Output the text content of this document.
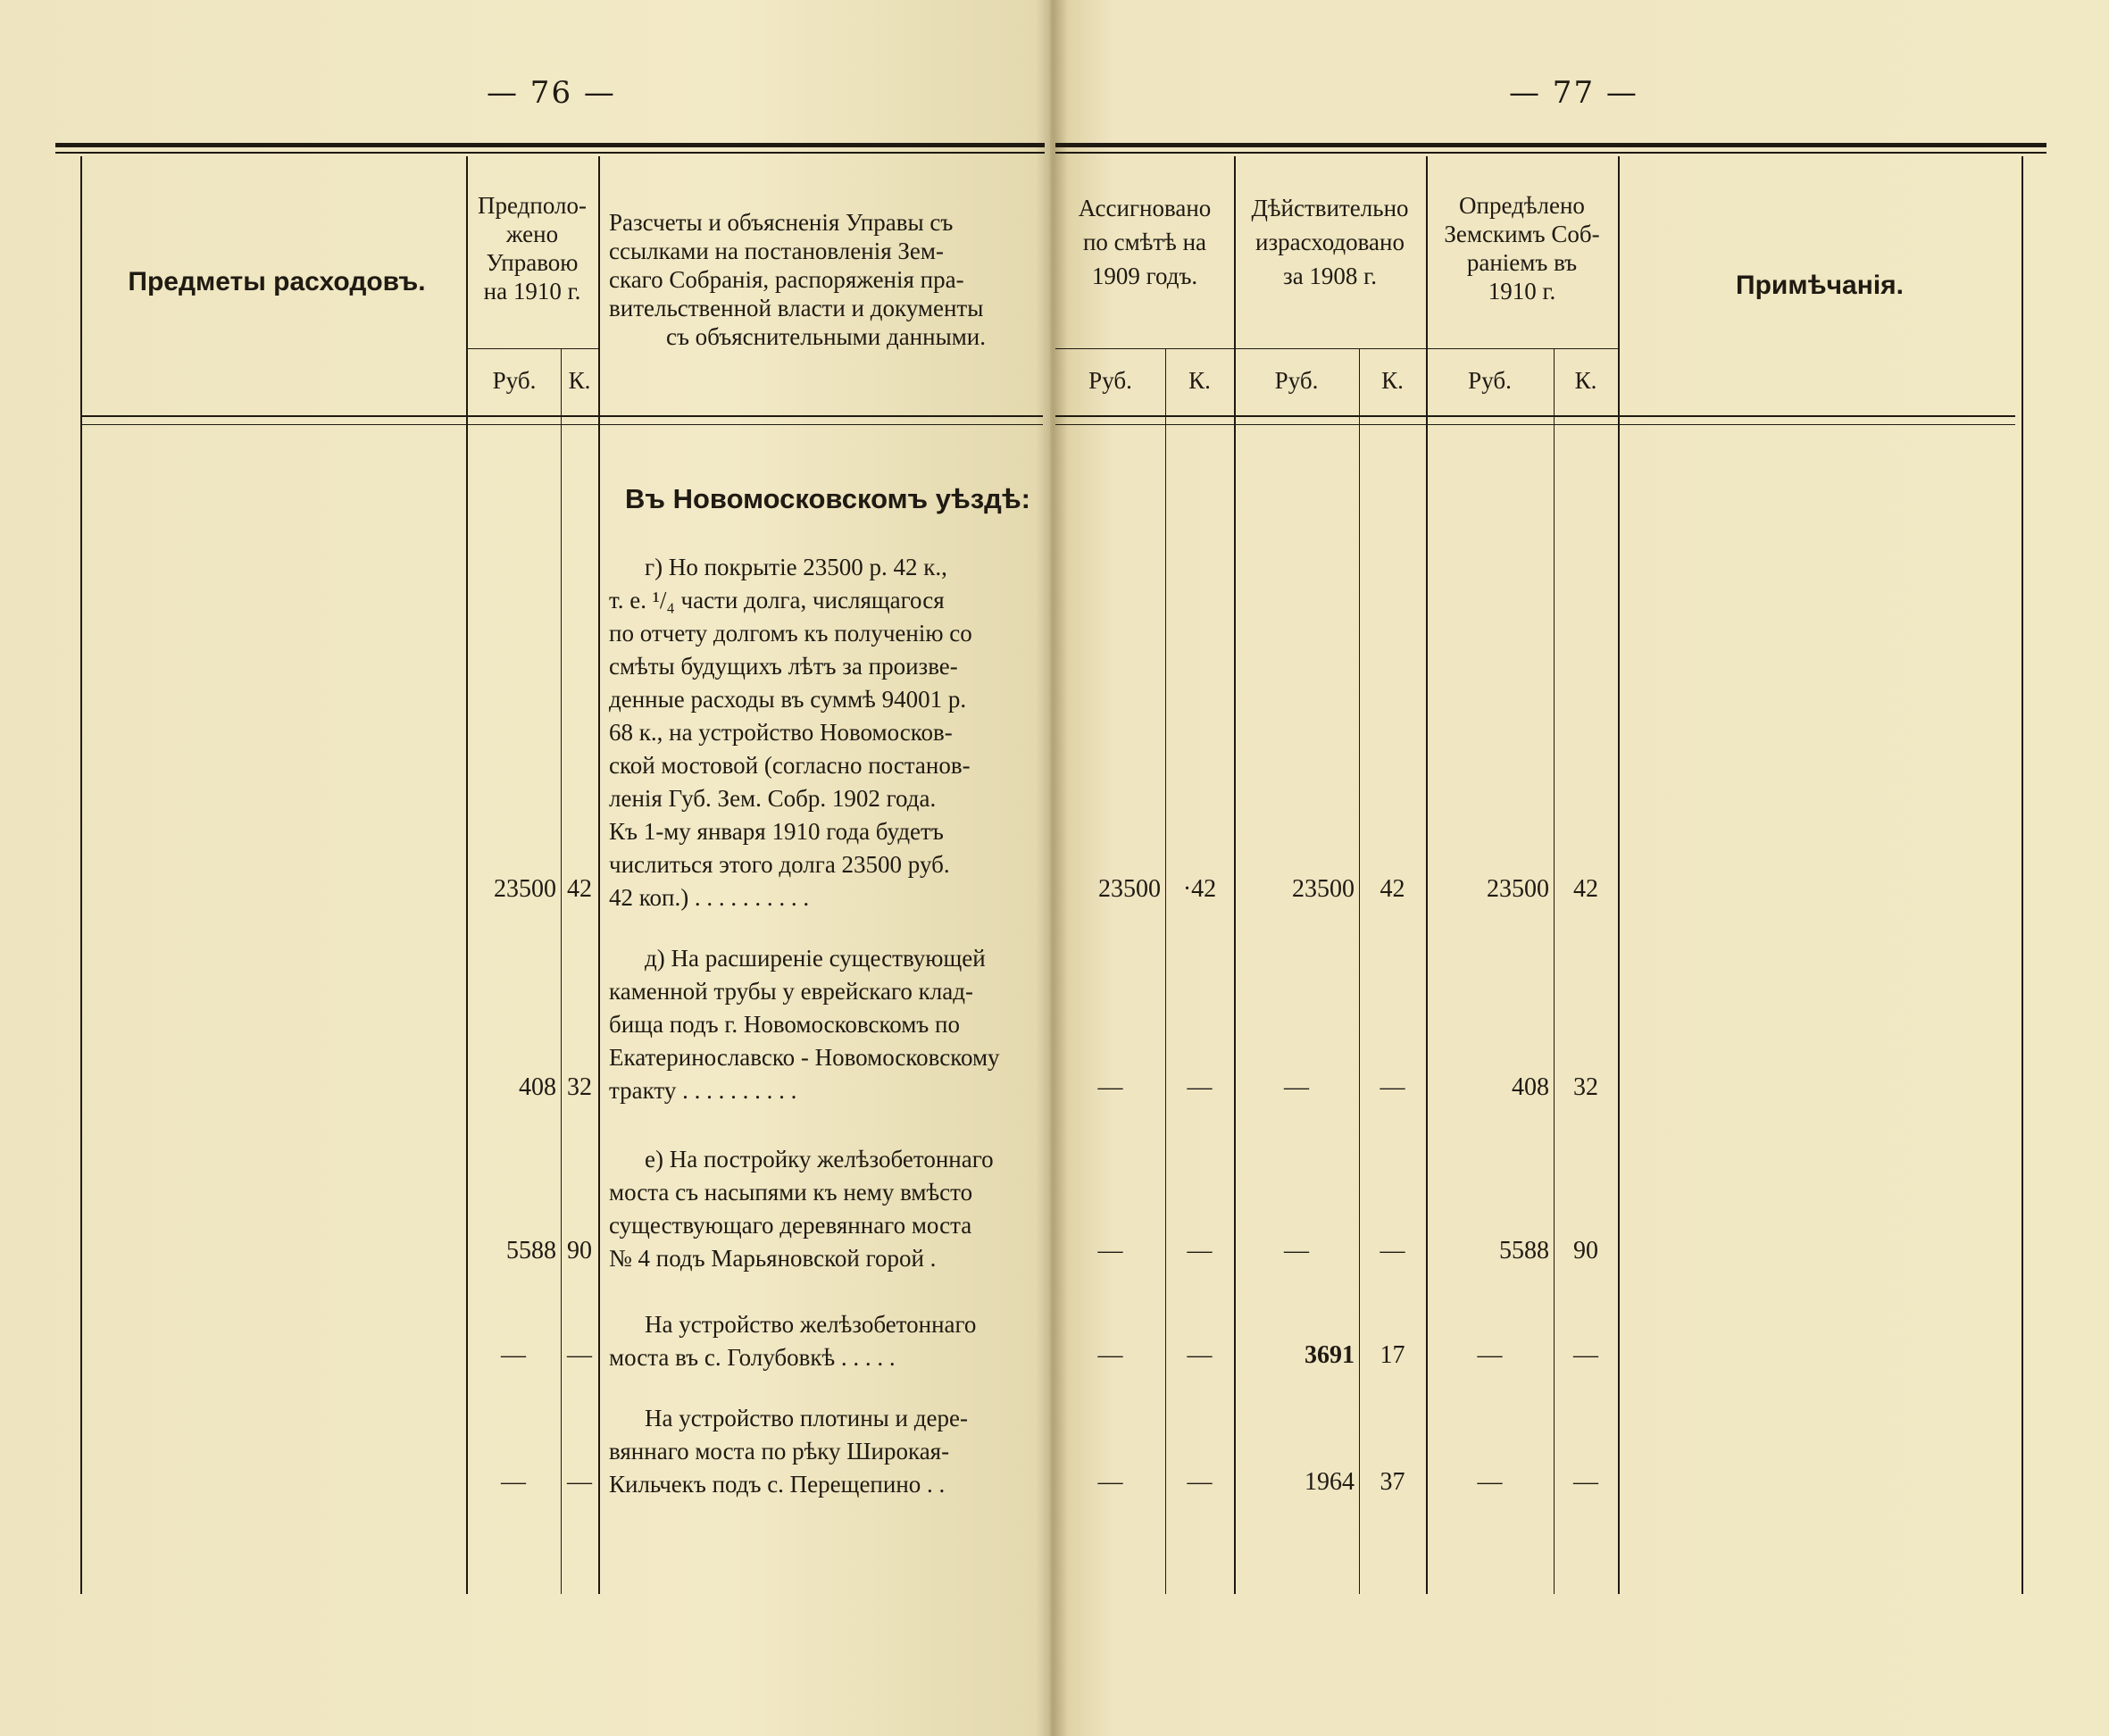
— 76 —	— 77 —
Предметы расходовъ.
Предполо-
жено
Управою
на 1910 г.
Руб.	К.
Разсчеты и объясненія Управы съ
ссылками на постановленія Зем-
скаго Собранія, распоряженія пра-
вительственной власти и документы
съ объяснительными данными.
Ассигновано
по смѣтѣ на
1909 годъ.
Руб.	К.
Дѣйствительно
израсходовано
за 1908 г.
Руб.	К.
Опредѣлено
Земскимъ Соб-
раніемъ въ
1910 г.
Руб.	К.
Примѣчанія.
Въ Новомосковскомъ уѣздѣ:
г) Но покрытіе 23500 р. 42 к.,
т. е. ¹/₄ части долга, числящагося
по отчету долгомъ къ полученію со
смѣты будущихъ лѣтъ за произве-
денные расходы въ суммѣ 94001 р.
68 к., на устройство Новомосков-
ской мостовой (согласно постанов-
ленія Губ. Зем. Собр. 1902 года.
Къ 1-му января 1910 года будетъ
числиться этого долга 23500 руб.
42 коп.) . . . . . . . . . .
23500 42	23500 ·42	23500	42	23500 42
д) На расширеніе существующей
каменной трубы у еврейскаго клад-
бища подъ г. Новомосковскомъ по
Екатеринославско - Новомосковскому
тракту . . . . . . . . . .
408 32	—	—	—	—	408 32
е) На постройку желѣзобетоннаго
моста съ насыпями къ нему вмѣсто
существующаго деревяннаго моста
№ 4 подъ Марьяновской горой .
5588 90	—	—	—	—	5588 90
На устройство желѣзобетоннаго
моста въ с. Голубовкѣ . . . . .
—	—	—	—	3691	17	—	—
На устройство плотины и дере-
вяннаго моста по рѣку Широкая-
Кильчекъ подъ с. Перещепино . .
—	—	—	—	1964	37	—	—
